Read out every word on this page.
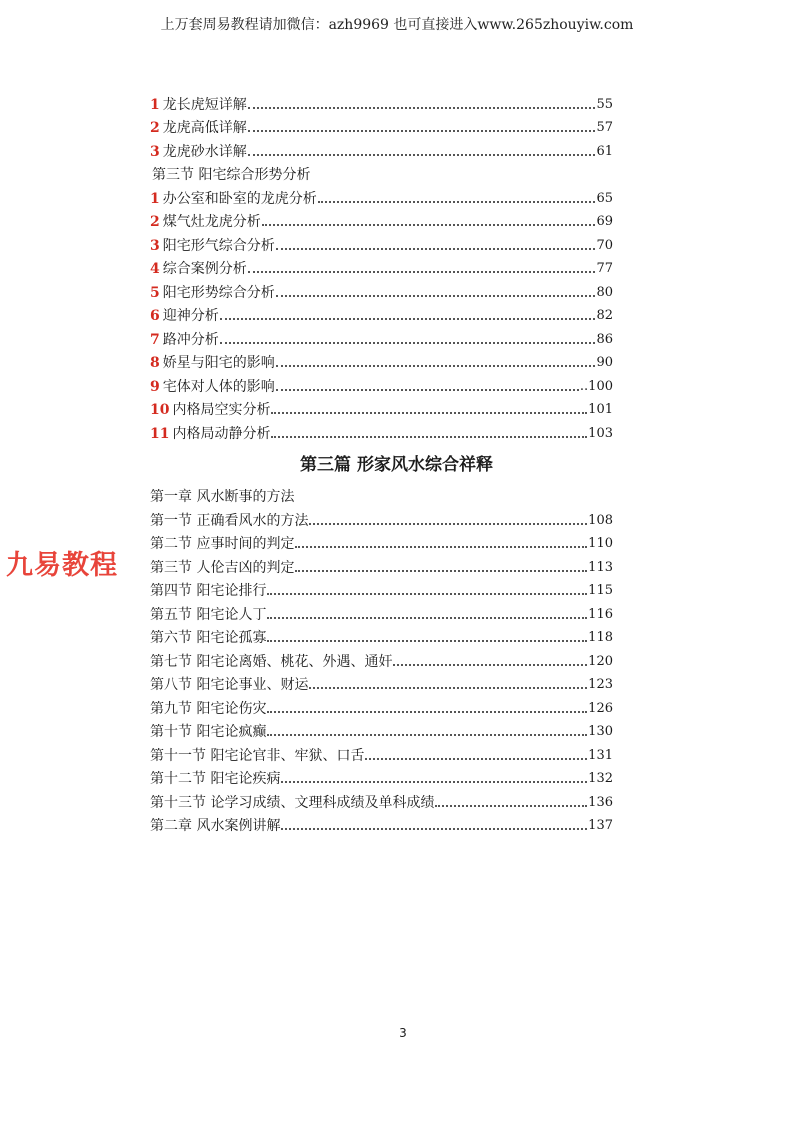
上万套周易教程请加微信：azh9969 也可直接进入www.265zhouyiw.com
九易教程
1 龙长虎短详解	55
2 龙虎高低详解	57
3 龙虎砂水详解	61
第三节 阳宅综合形势分析
1 办公室和卧室的龙虎分析	65
2 煤气灶龙虎分析	69
3 阳宅形气综合分析	70
4 综合案例分析	77
5 阳宅形势综合分析	80
6 迎神分析	82
7 路冲分析	86
8 娇星与阳宅的影响	90
9 宅体对人体的影响	..100
10 内格局空实分析	101
11 内格局动静分析	103
第三篇 形家风水综合祥释
第一章 风水断事的方法
第一节 正确看风水的方法	108
第二节 应事时间的判定	110
第三节 人伦吉凶的判定	113
第四节 阳宅论排行	115
第五节 阳宅论人丁	116
第六节 阳宅论孤寡	118
第七节 阳宅论离婚、桃花、外遇、通奸	120
第八节 阳宅论事业、财运	123
第九节 阳宅论伤灾	126
第十节 阳宅论疯癫	130
第十一节 阳宅论官非、牢狱、口舌	131
第十二节 阳宅论疾病	132
第十三节 论学习成绩、文理科成绩及单科成绩	136
第二章 风水案例讲解	137
3
